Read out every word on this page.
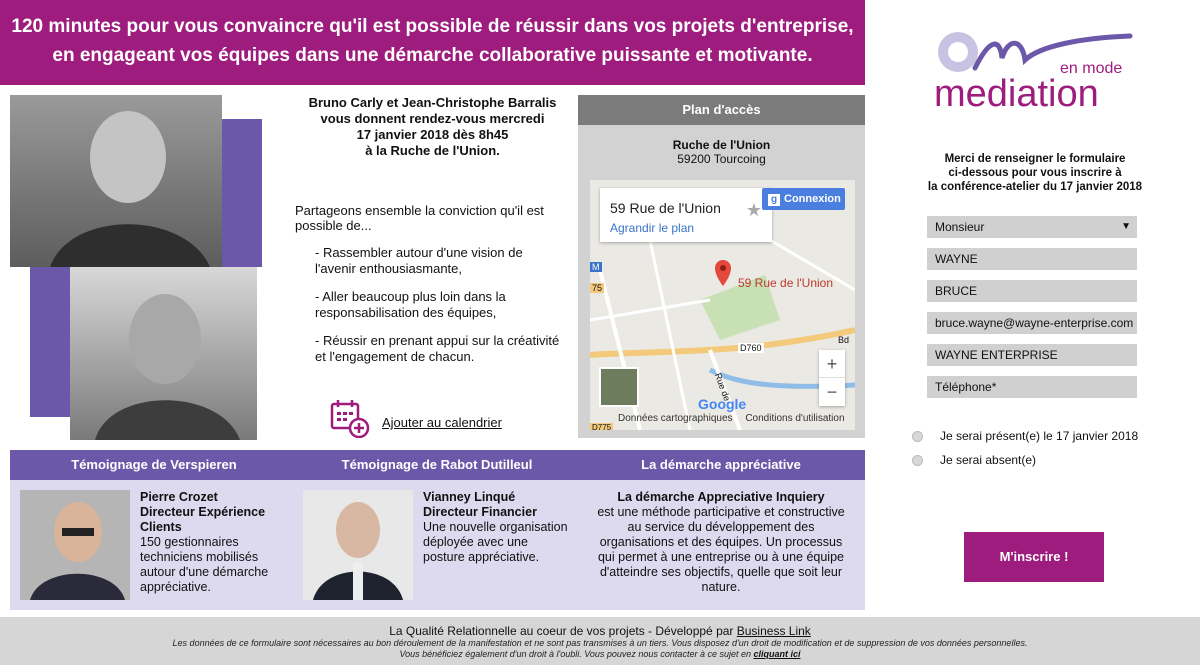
120 minutes pour vous convaincre qu'il est possible de réussir dans vos projets d'entreprise,
en engageant vos équipes dans une démarche collaborative puissante et motivante.
en mode
mediation
Bruno Carly et Jean-Christophe Barralis
vous donnent rendez-vous mercredi
17 janvier 2018 dès 8h45
à la Ruche de l'Union.
Partageons ensemble la conviction qu'il est possible de...
- Rassembler autour d'une vision de l'avenir enthousiasmante,
- Aller beaucoup plus loin dans la responsabilisation des équipes,
- Réussir en prenant appui sur la créativité et l'engagement de chacun.
Ajouter au calendrier
Plan d'accès
Ruche de l'Union
59200 Tourcoing
59 Rue de l'Union
Agrandir le plan
★
g Connexion
59 Rue de l'Union
D760
Bd
75
M
Rue de
+
−
Google
Données cartographiques Conditions d'utilisation
D775
Témoignage de Verspieren
Pierre Crozet
Directeur Expérience Clients
150 gestionnaires techniciens mobilisés autour d'une démarche appréciative.
Témoignage de Rabot Dutilleul
Vianney Linqué
Directeur Financier
Une nouvelle organisation déployée avec une posture appréciative.
La démarche appréciative
La démarche Appreciative Inquiery
est une méthode participative et constructive au service du développement des organisations et des équipes. Un processus qui permet à une entreprise ou à une équipe d'atteindre ses objectifs, quelle que soit leur nature.
Merci de renseigner le formulaire
ci-dessous pour vous inscrire à
la conférence-atelier du 17 janvier 2018
Monsieur	▼
WAYNE
BRUCE
bruce.wayne@wayne-enterprise.com
WAYNE ENTERPRISE
Téléphone*
Je serai présent(e) le 17 janvier 2018
Je serai absent(e)
M'inscrire !
La Qualité Relationnelle au coeur de vos projets - Développé par Business Link
Les données de ce formulaire sont nécessaires au bon déroulement de la manifestation et ne sont pas transmises à un tiers. Vous disposez d'un droit de modification et de suppression de vos données personnelles.
Vous bénéficiez également d'un droit à l'oubli. Vous pouvez nous contacter à ce sujet en cliquant ici
